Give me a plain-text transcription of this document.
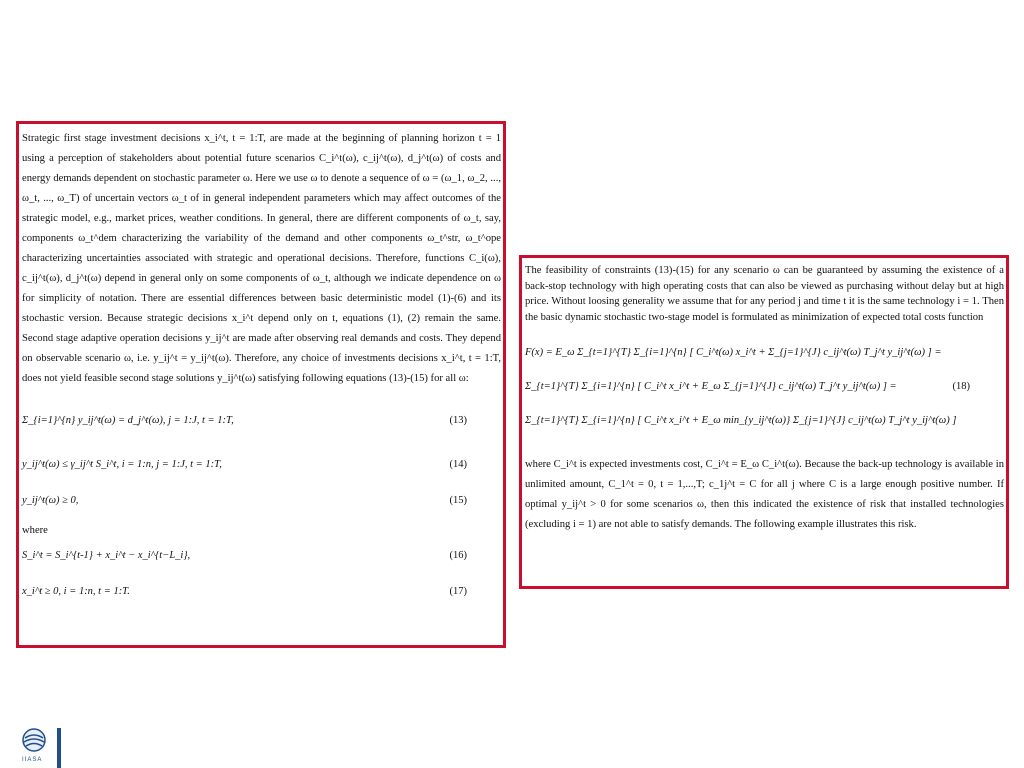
Strategic first stage investment decisions x_i^t, t = 1:T, are made at the beginning of planning horizon t = 1 using a perception of stakeholders about potential future scenarios C_i^t(ω), c_ij^t(ω), d_j^t(ω) of costs and energy demands dependent on stochastic parameter ω. Here we use ω to denote a sequence of ω = (ω_1, ω_2, ..., ω_t, ..., ω_T) of uncertain vectors ω_t of in general independent parameters which may affect outcomes of the strategic model, e.g., market prices, weather conditions. In general, there are different components of ω_t, say, components ω_t^dem characterizing the variability of the demand and other components ω_t^str, ω_t^ope characterizing uncertainties associated with strategic and operational decisions. Therefore, functions C_i(ω), c_ij^t(ω), d_j^t(ω) depend in general only on some components of ω_t, although we indicate dependence on ω for simplicity of notation. There are essential differences between basic deterministic model (1)-(6) and its stochastic version. Because strategic decisions x_i^t depend only on t, equations (1), (2) remain the same. Second stage adaptive operation decisions y_ij^t are made after observing real demands and costs. They depend on observable scenario ω, i.e. y_ij^t = y_ij^t(ω). Therefore, any choice of investments decisions x_i^t, t = 1:T, does not yield feasible second stage solutions y_ij^t(ω) satisfying following equations (13)-(15) for all ω:

Σ_{i=1}^{n} y_ij^t(ω) = d_j^t(ω), j = 1:J, t = 1:T,	(13)
y_ij^t(ω) ≤ γ_ij^t S_i^t, i = 1:n, j = 1:J, t = 1:T,	(14)
y_ij^t(ω) ≥ 0,	(15)
where
S_i^t = S_i^{t-1} + x_i^t − x_i^{t−L_i},	(16)
x_i^t ≥ 0, i = 1:n, t = 1:T.	(17)

The feasibility of constraints (13)-(15) for any scenario ω can be guaranteed by assuming the existence of a back-stop technology with high operating costs that can also be viewed as purchasing without delay but at high price. Without loosing generality we assume that for any period j and time t it is the same technology i = 1. Then the basic dynamic stochastic two-stage model is formulated as minimization of expected total costs function

F(x) = E_ω Σ_{t=1}^{T} Σ_{i=1}^{n} [ C_i^t(ω) x_i^t + Σ_{j=1}^{J} c_ij^t(ω) T_j^t y_ij^t(ω) ] =
Σ_{t=1}^{T} Σ_{i=1}^{n} [ C_i^t x_i^t + E_ω Σ_{j=1}^{J} c_ij^t(ω) T_j^t y_ij^t(ω) ] =	(18)
Σ_{t=1}^{T} Σ_{i=1}^{n} [ C_i^t x_i^t + E_ω min_{y_ij^t(ω)} Σ_{j=1}^{J} c_ij^t(ω) T_j^t y_ij^t(ω) ]

where C_i^t is expected investments cost, C_i^t = E_ω C_i^t(ω). Because the back-up technology is available in unlimited amount, C_1^t = 0, t = 1,...,T; c_1j^t = C for all j where C is a large enough positive number. If optimal y_ij^t > 0 for some scenarios ω, then this indicated the existence of risk that installed technologies (excluding i = 1) are not able to satisfy demands. The following example illustrates this risk.

IIASA
